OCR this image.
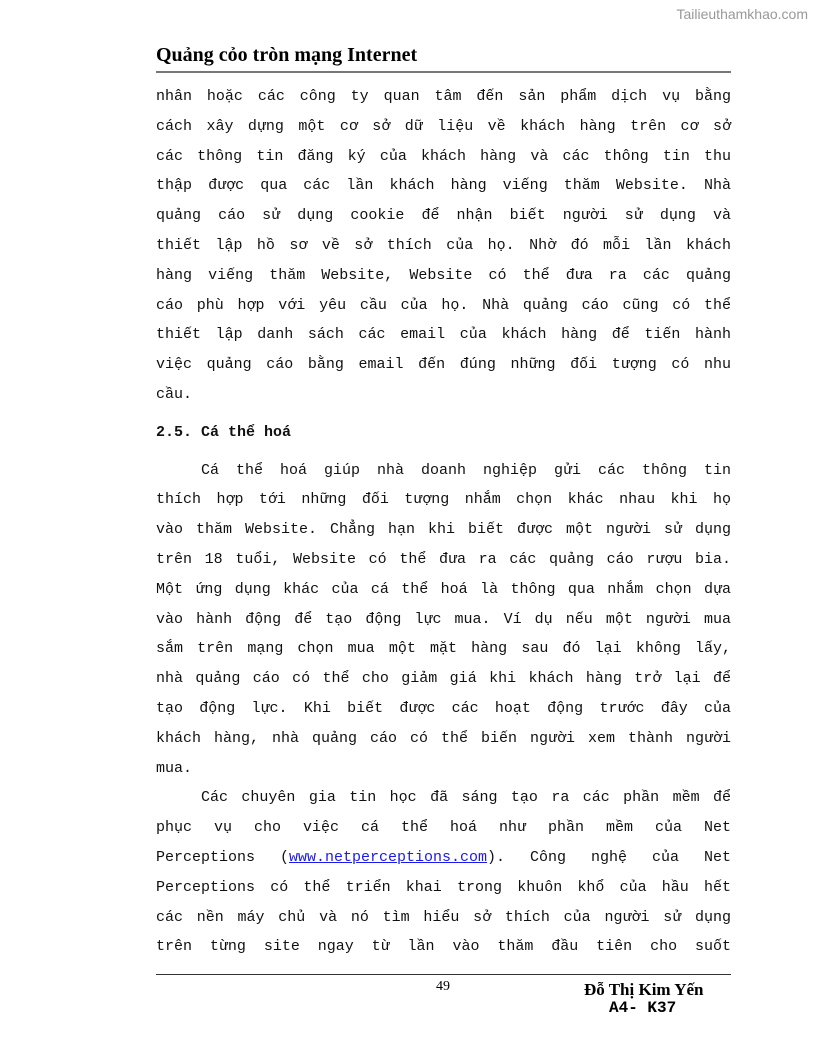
Tailieuthamkhao.com
Quảng cỏo tròn mạng Internet
nhân hoặc các công ty quan tâm đến sản phẩm dịch vụ bằng
cách xây dựng một cơ sở dữ liệu về khách hàng trên cơ sở
các thông tin đăng ký của khách hàng và các thông tin thu
thập được qua các lần khách hàng viếng thăm Website. Nhà
quảng cáo sử dụng cookie để nhận biết người sử dụng và
thiết lập hồ sơ về sở thích của họ. Nhờ đó mỗi lần khách
hàng viếng thăm Website, Website có thể đưa ra các quảng
cáo phù hợp với yêu cầu của họ. Nhà quảng cáo cũng có thể
thiết lập danh sách các email của khách hàng để tiến hành
việc quảng cáo bằng email đến đúng những đối tượng có nhu
cầu.
2.5. Cá thể hoá
Cá thể hoá giúp nhà doanh nghiệp gửi các thông tin
thích hợp tới những đối tượng nhắm chọn khác nhau khi họ
vào thăm Website. Chẳng hạn khi biết được một người sử dụng
trên 18 tuổi, Website có thể đưa ra các quảng cáo rượu bia.
Một ứng dụng khác của cá thể hoá là thông qua nhắm chọn dựa
vào hành động để tạo động lực mua. Ví dụ nếu một người mua
sắm trên mạng chọn mua một mặt hàng sau đó lại không lấy,
nhà quảng cáo có thể cho giảm giá khi khách hàng trở lại để
tạo động lực. Khi biết được các hoạt động trước đây của
khách hàng, nhà quảng cáo có thể biến người xem thành người
mua.
Các chuyên gia tin học đã sáng tạo ra các phần mềm để
phục vụ cho việc cá thể hoá như phần mềm của Net
Perceptions (www.netperceptions.com). Công nghệ của Net
Perceptions có thể triển khai trong khuôn khổ của hầu hết
các nền máy chủ và nó tìm hiểu sở thích của người sử dụng
trên từng site ngay từ lần vào thăm đầu tiên cho suốt
49	Đỗ Thị Kim Yến
A4- K37
